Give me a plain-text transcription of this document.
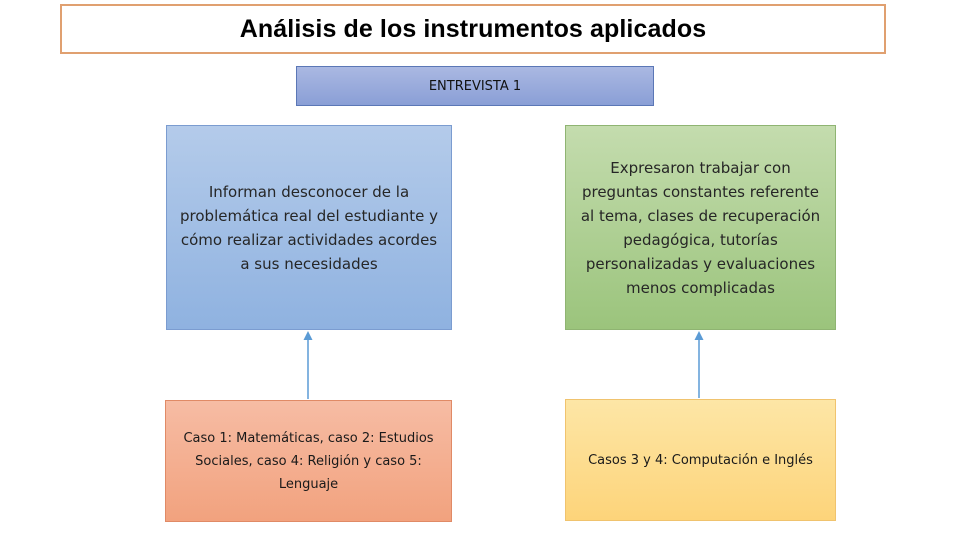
Análisis de los instrumentos aplicados
ENTREVISTA 1
Informan desconocer de la problemática real del estudiante y cómo realizar actividades acordes a sus necesidades
Expresaron trabajar con preguntas constantes referente al tema, clases de recuperación pedagógica, tutorías personalizadas y evaluaciones menos complicadas
Caso 1: Matemáticas, caso 2: Estudios Sociales, caso 4: Religión y caso 5: Lenguaje
Casos 3 y 4: Computación e Inglés
